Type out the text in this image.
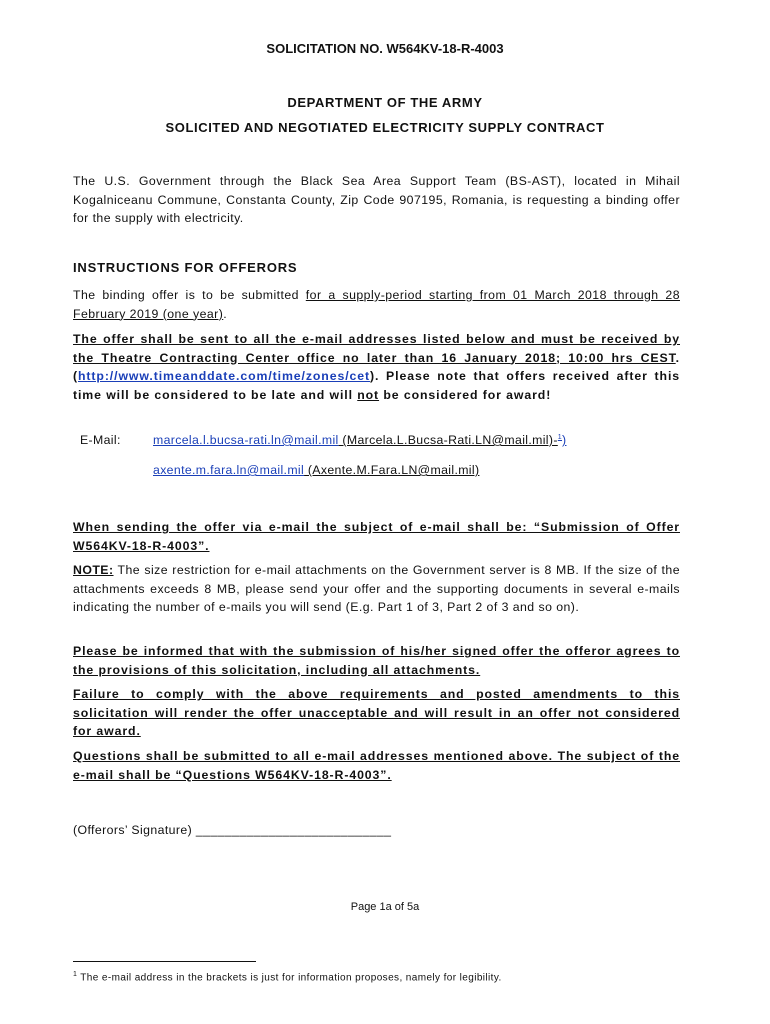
SOLICITATION NO. W564KV-18-R-4003
DEPARTMENT OF THE ARMY
SOLICITED AND NEGOTIATED ELECTRICITY SUPPLY CONTRACT
The U.S. Government through the Black Sea Area Support Team (BS-AST), located in Mihail Kogalniceanu Commune, Constanta County, Zip Code 907195, Romania, is requesting a binding offer for the supply with electricity.
INSTRUCTIONS FOR OFFERORS
The binding offer is to be submitted for a supply-period starting from 01 March 2018 through 28 February 2019 (one year).
The offer shall be sent to all the e-mail addresses listed below and must be received by the Theatre Contracting Center office no later than 16 January 2018; 10:00 hrs CEST. (http://www.timeanddate.com/time/zones/cet). Please note that offers received after this time will be considered to be late and will not be considered for award!
E-Mail:	marcela.l.bucsa-rati.ln@mail.mil (Marcela.L.Bucsa-Rati.LN@mail.mil)-$^1$)
axente.m.fara.ln@mail.mil (Axente.M.Fara.LN@mail.mil)
When sending the offer via e-mail the subject of e-mail shall be: “Submission of Offer W564KV-18-R-4003”.
NOTE: The size restriction for e-mail attachments on the Government server is 8 MB. If the size of the attachments exceeds 8 MB, please send your offer and the supporting documents in several e-mails indicating the number of e-mails you will send (E.g. Part 1 of 3, Part 2 of 3 and so on).
Please be informed that with the submission of his/her signed offer the offeror agrees to the provisions of this solicitation, including all attachments.
Failure to comply with the above requirements and posted amendments to this solicitation will render the offer unacceptable and will result in an offer not considered for award.
Questions shall be submitted to all e-mail addresses mentioned above. The subject of the e-mail shall be “Questions W564KV-18-R-4003”.
(Offerors’ Signature) ___________________________
Page 1a of 5a
$^1$ The e-mail address in the brackets is just for information proposes, namely for legibility.
